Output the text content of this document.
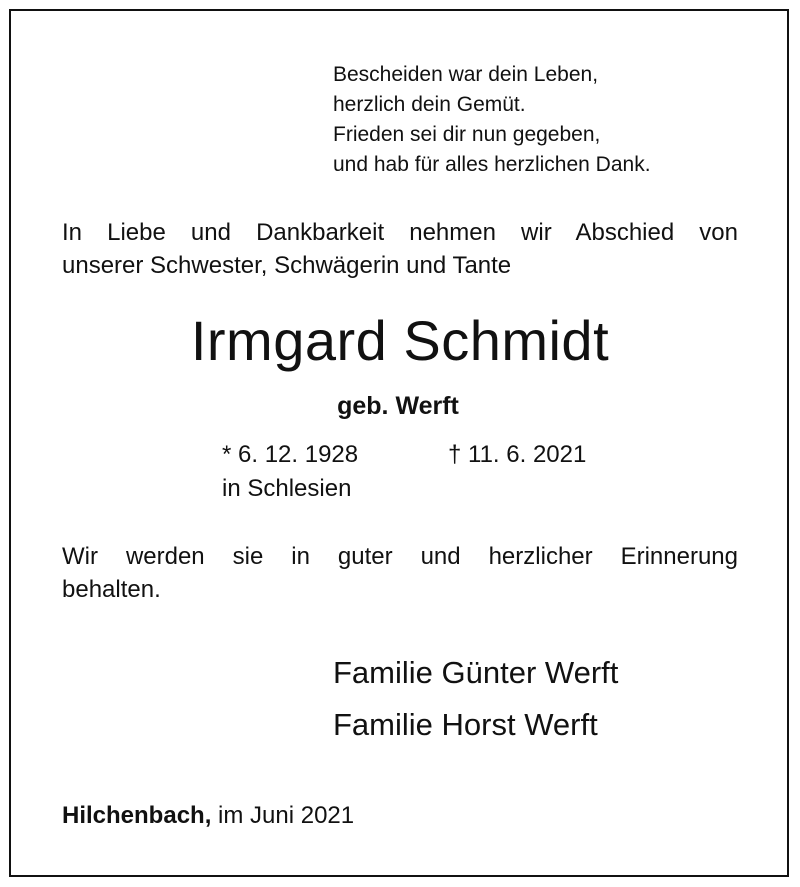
Bescheiden war dein Leben,
herzlich dein Gemüt.
Frieden sei dir nun gegeben,
und hab für alles herzlichen Dank.
In Liebe und Dankbarkeit nehmen wir Abschied von
unserer Schwester, Schwägerin und Tante
Irmgard Schmidt
geb. Werft
* 6. 12. 1928
in Schlesien
† 11. 6. 2021
Wir werden sie in guter und herzlicher Erinnerung
behalten.
Familie Günter Werft
Familie Horst Werft
Hilchenbach, im Juni 2021
